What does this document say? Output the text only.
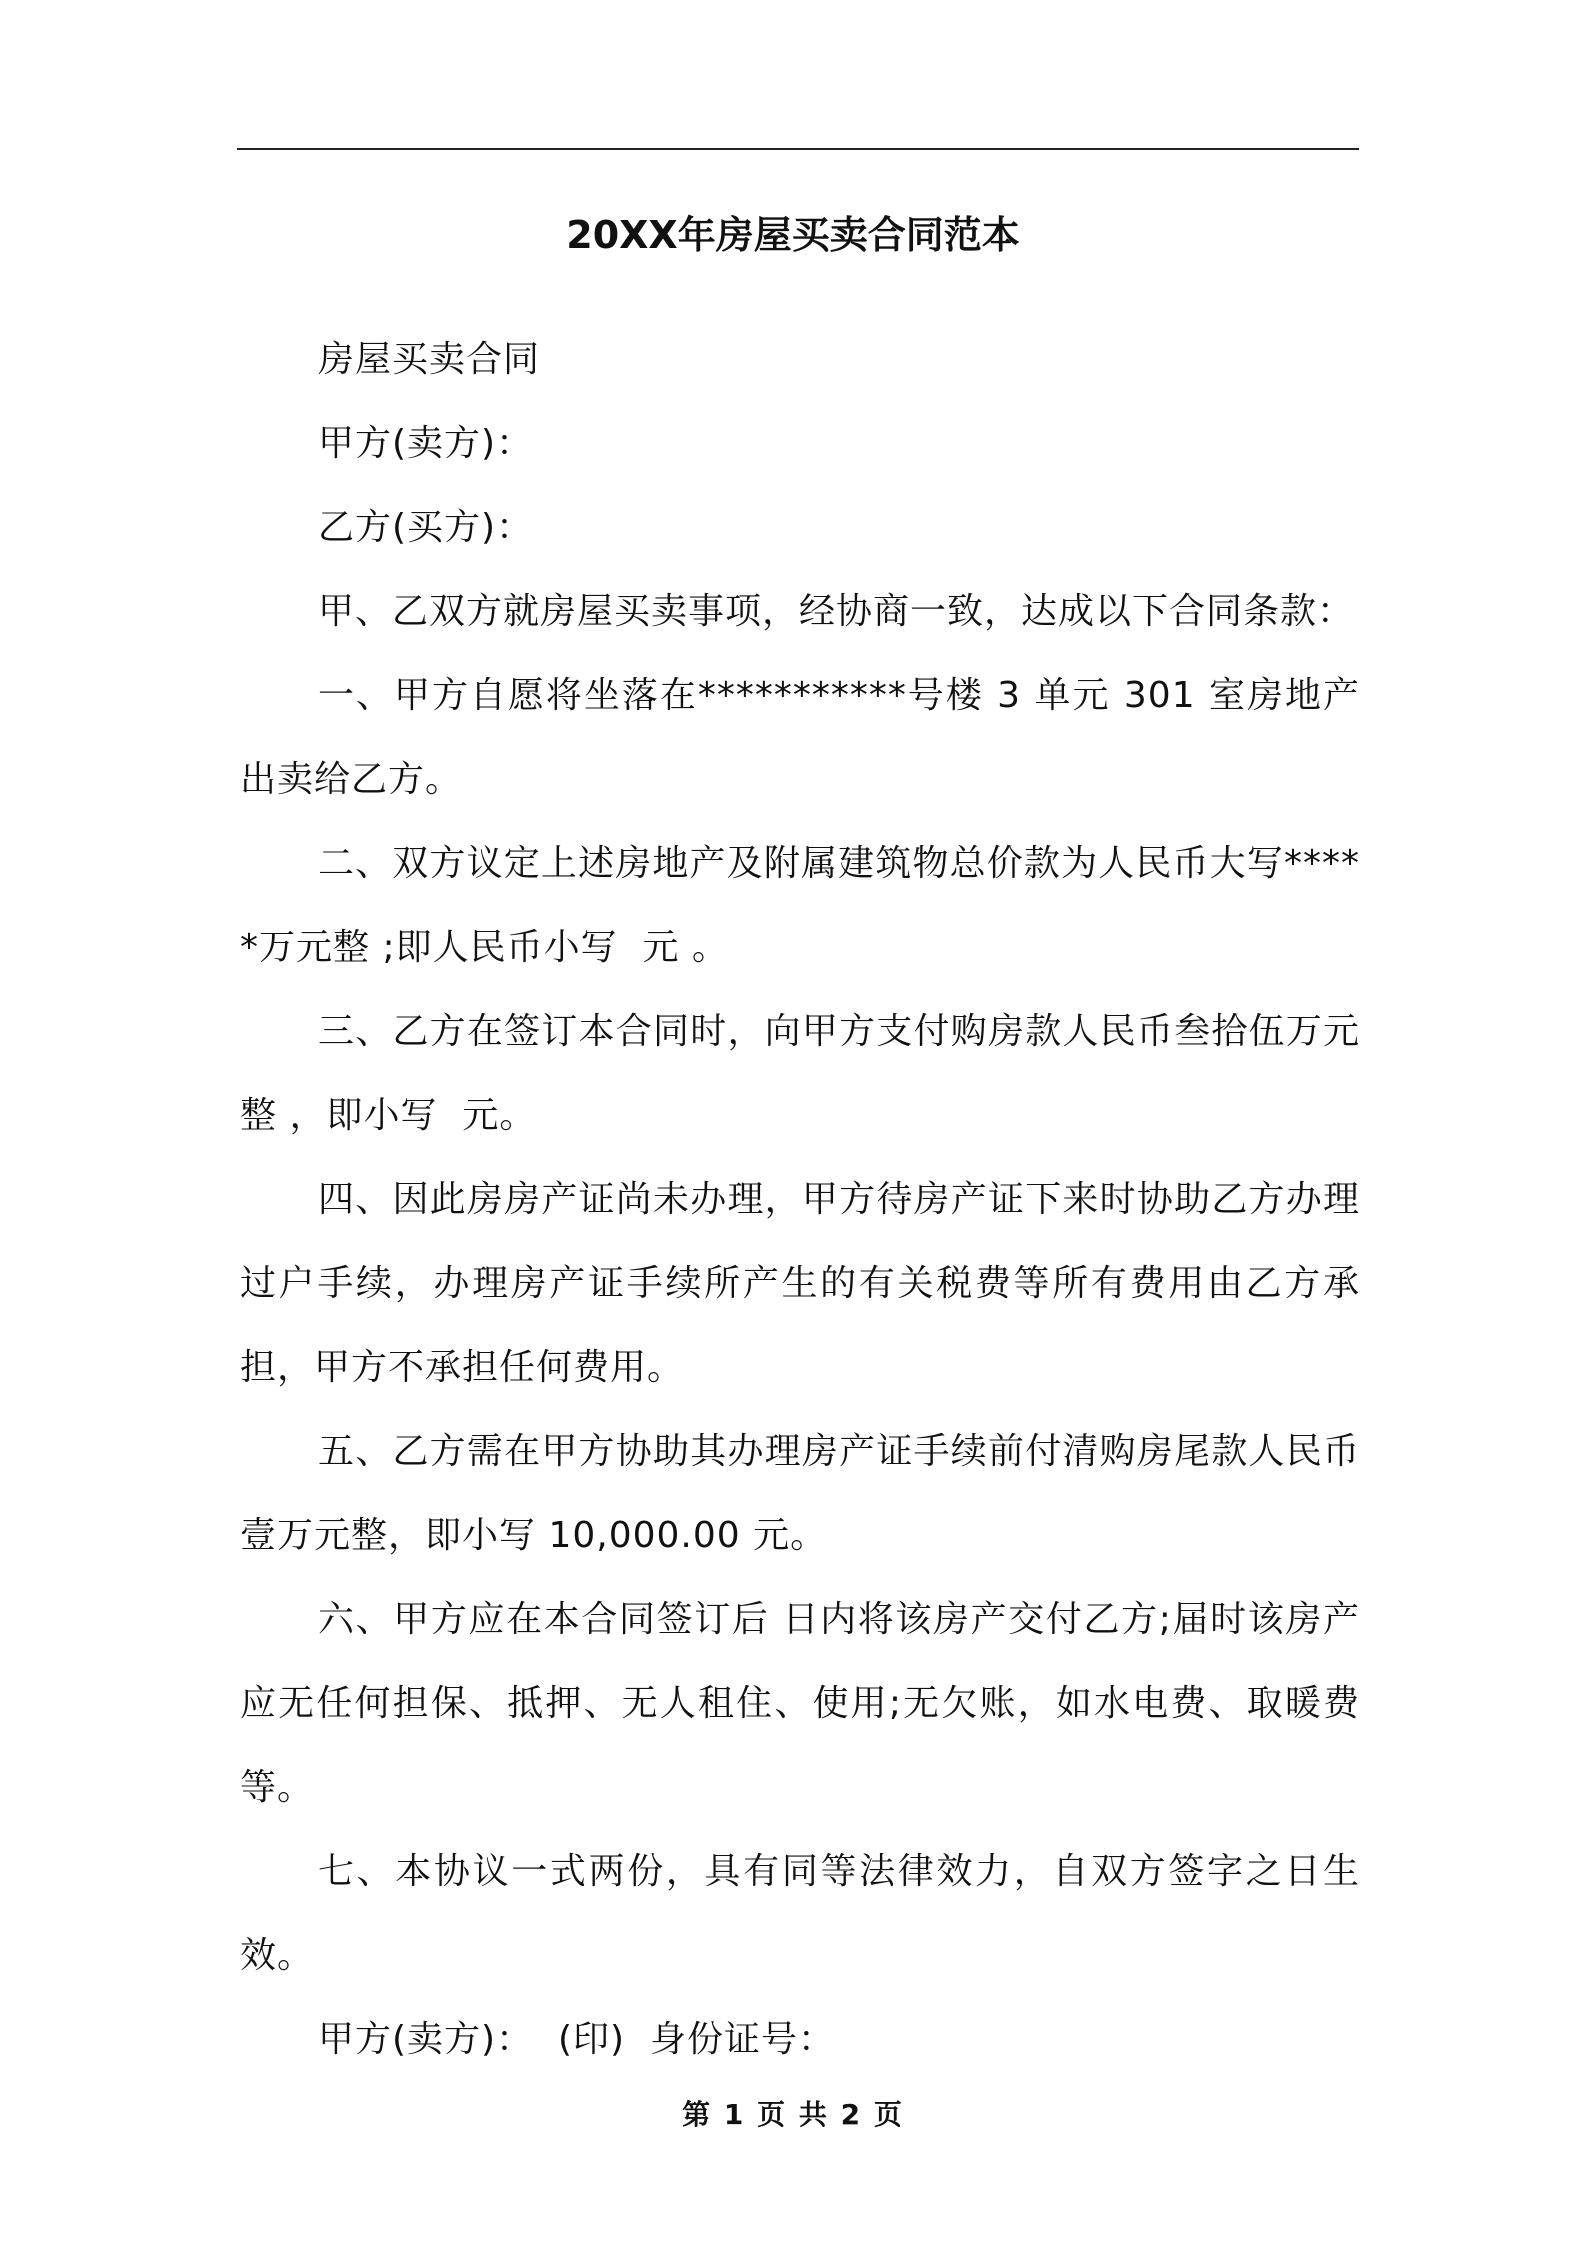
20XX年房屋买卖合同范本

房屋买卖合同

甲方(卖方)：

乙方(买方)：

甲、乙双方就房屋买卖事项，经协商一致，达成以下合同条款：

一、甲方自愿将坐落在***********号楼 3 单元 301 室房地产出卖给乙方。

二、双方议定上述房地产及附属建筑物总价款为人民币大写*****万元整 ;即人民币小写  元 。

三、乙方在签订本合同时，向甲方支付购房款人民币叁拾伍万元整 ，即小写  元。

四、因此房房产证尚未办理，甲方待房产证下来时协助乙方办理过户手续，办理房产证手续所产生的有关税费等所有费用由乙方承担，甲方不承担任何费用。

五、乙方需在甲方协助其办理房产证手续前付清购房尾款人民币壹万元整，即小写 10,000.00 元。

六、甲方应在本合同签订后 日内将该房产交付乙方;届时该房产应无任何担保、抵押、无人租住、使用;无欠账，如水电费、取暖费等。

七、本协议一式两份，具有同等法律效力，自双方签字之日生效。

甲方(卖方)：  (印)  身份证号：

第 1 页 共 2 页
